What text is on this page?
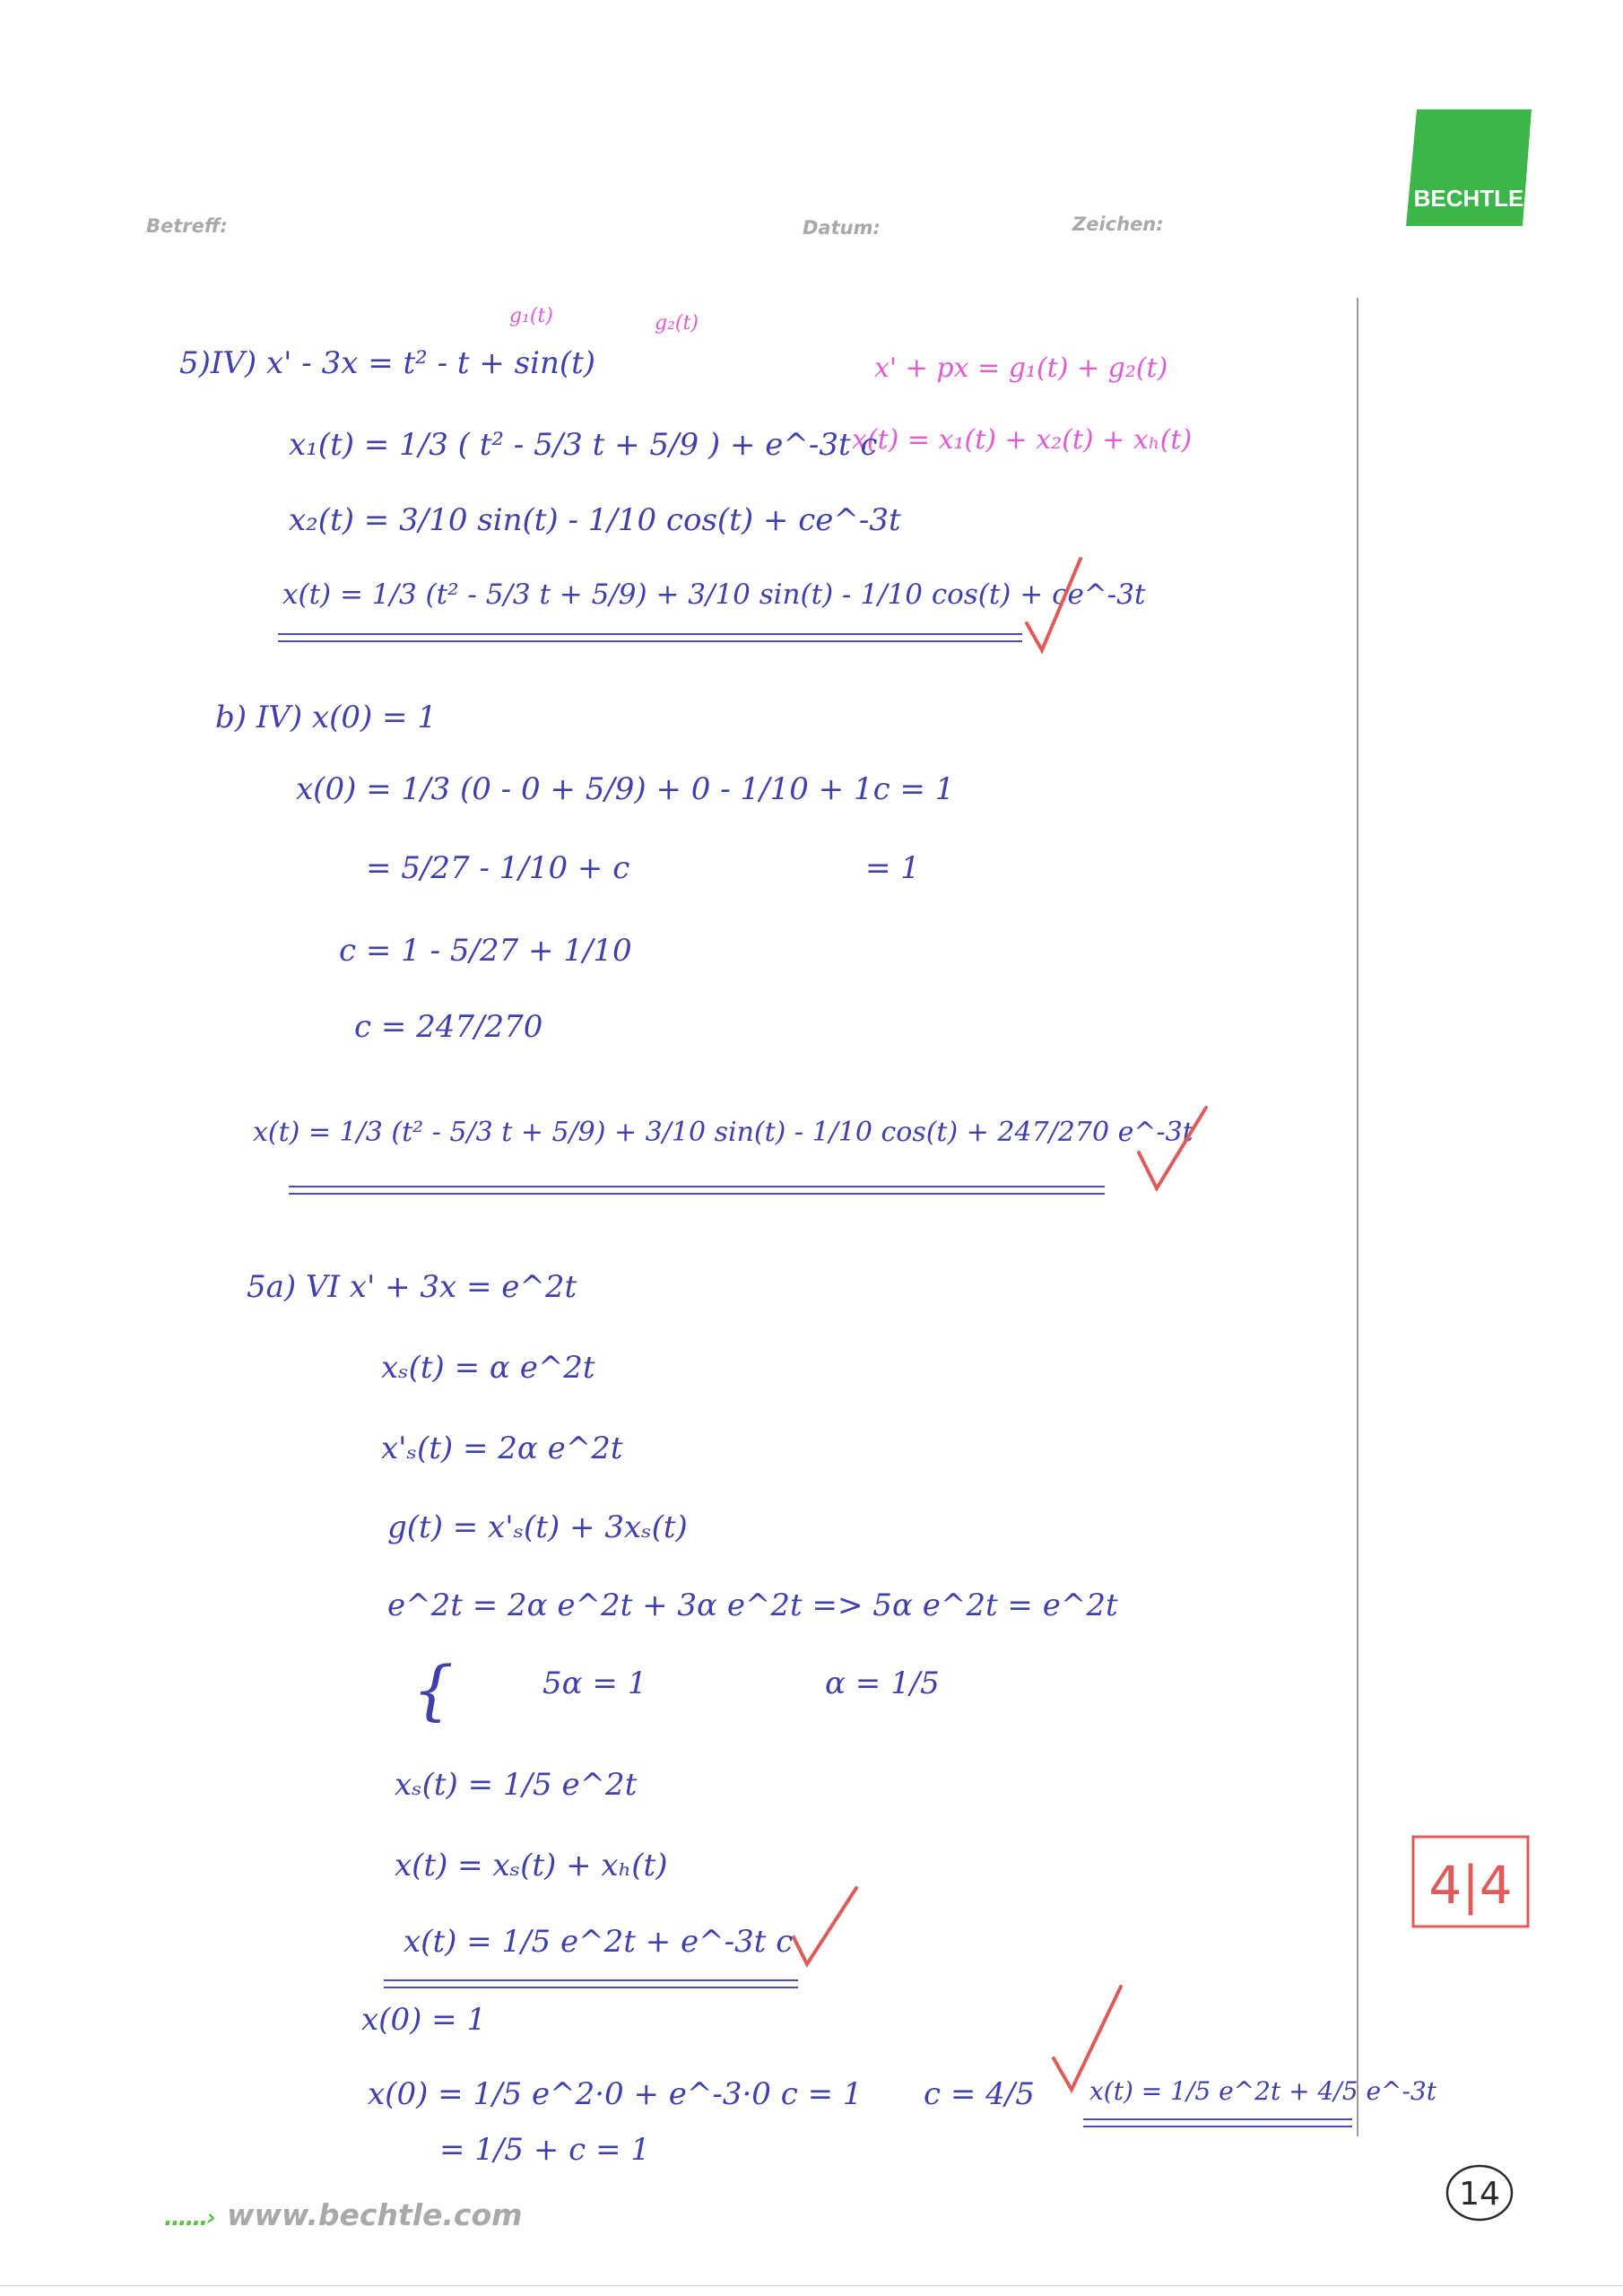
BECHTLE
Betreff:	Datum:	Zeichen:
5)IV) x' - 3x = t² - t + sin(t)
g₁(t)	g₂(t)
x' + px = g₁(t) + g₂(t)
x(t) = x₁(t) + x₂(t) + xₕ(t)
x₁(t) = 1/3 ( t² - 5/3 t + 5/9 ) + e^-3t c
x₂(t) = 3/10 sin(t) - 1/10 cos(t) + ce^-3t
x(t) = 1/3 (t² - 5/3 t + 5/9) + 3/10 sin(t) - 1/10 cos(t) + ce^-3t
b) IV) x(0) = 1
x(0) = 1/3 (0 - 0 + 5/9) + 0 - 1/10 + 1c = 1
= 5/27 - 1/10 + c	= 1
c = 1 - 5/27 + 1/10
c = 247/270
x(t) = 1/3 (t² - 5/3 t + 5/9) + 3/10 sin(t) - 1/10 cos(t) + 247/270 e^-3t
5a) VI x' + 3x = e^2t
xₛ(t) = α e^2t
x'ₛ(t) = 2α e^2t
g(t) = x'ₛ(t) + 3xₛ(t)
e^2t = 2α e^2t + 3α e^2t => 5α e^2t = e^2t
{	5α = 1	α = 1/5
xₛ(t) = 1/5 e^2t
x(t) = xₛ(t) + xₕ(t)
x(t) = 1/5 e^2t + e^-3t c
x(0) = 1
x(0) = 1/5 e^2·0 + e^-3·0 c = 1
= 1/5 + c = 1
c = 4/5 x(t) = 1/5 e^2t + 4/5 e^-3t
4|4
14
......› www.bechtle.com
